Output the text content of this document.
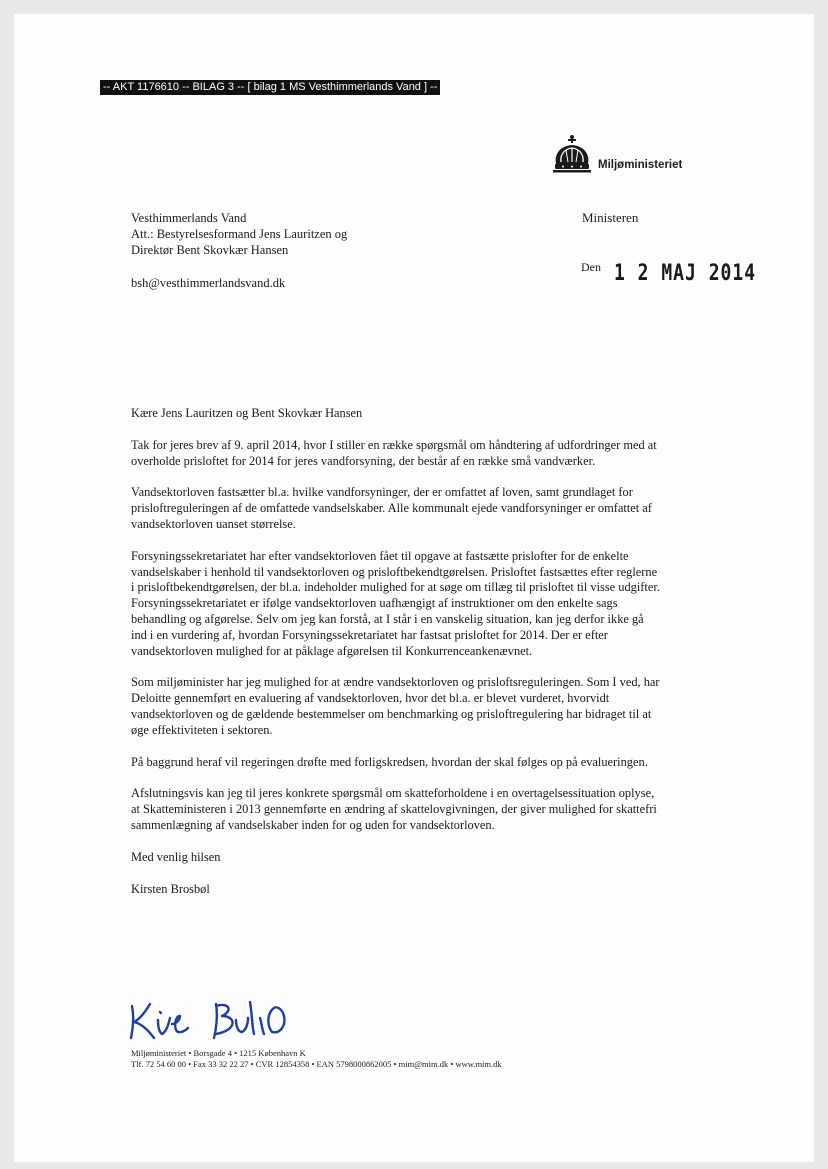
-- AKT 1176610 -- BILAG 3 -- [ bilag 1 MS Vesthimmerlands Vand ] --
Miljøministeriet
Vesthimmerlands Vand
Att.: Bestyrelsesformand Jens Lauritzen og
Direktør Bent Skovkær Hansen
bsh@vesthimmerlandsvand.dk
Ministeren
Den 1 2 MAJ 2014

Kære Jens Lauritzen og Bent Skovkær Hansen

Tak for jeres brev af 9. april 2014, hvor I stiller en række spørgsmål om håndtering af udfordringer med at overholde prisloftet for 2014 for jeres vandforsyning, der består af en række små vandværker.

Vandsektorloven fastsætter bl.a. hvilke vandforsyninger, der er omfattet af loven, samt grundlaget for prisloftreguleringen af de omfattede vandselskaber. Alle kommunalt ejede vandforsyninger er omfattet af vandsektorloven uanset størrelse.

Forsyningssekretariatet har efter vandsektorloven fået til opgave at fastsætte prislofter for de enkelte vandselskaber i henhold til vandsektorloven og prisloftbekendtgørelsen. Prisloftet fastsættes efter reglerne i prisloftbekendtgørelsen, der bl.a. indeholder mulighed for at søge om tillæg til prisloftet til visse udgifter. Forsyningssekretariatet er ifølge vandsektorloven uafhængigt af instruktioner om den enkelte sags behandling og afgørelse. Selv om jeg kan forstå, at I står i en vanskelig situation, kan jeg derfor ikke gå ind i en vurdering af, hvordan Forsyningssekretariatet har fastsat prisloftet for 2014. Der er efter vandsektorloven mulighed for at påklage afgørelsen til Konkurrenceankenævnet.

Som miljøminister har jeg mulighed for at ændre vandsektorloven og prisloftsreguleringen. Som I ved, har Deloitte gennemført en evaluering af vandsektorloven, hvor det bl.a. er blevet vurderet, hvorvidt vandsektorloven og de gældende bestemmelser om benchmarking og prisloftregulering har bidraget til at øge effektiviteten i sektoren.

På baggrund heraf vil regeringen drøfte med forligskredsen, hvordan der skal følges op på evalueringen.

Afslutningsvis kan jeg til jeres konkrete spørgsmål om skatteforholdene i en overtagelsessituation oplyse, at Skatteministeren i 2013 gennemførte en ændring af skattelovgivningen, der giver mulighed for skattefri sammenlægning af vandselskaber inden for og uden for vandsektorloven.

Med venlig hilsen

Kirsten Brosbøl

Miljøministeriet • Borsgade 4 • 1215 København K
Tlf. 72 54 60 00 • Fax 33 32 22 27 • CVR 12854358 • EAN 5798000862005 • mim@mim.dk • www.mim.dk
